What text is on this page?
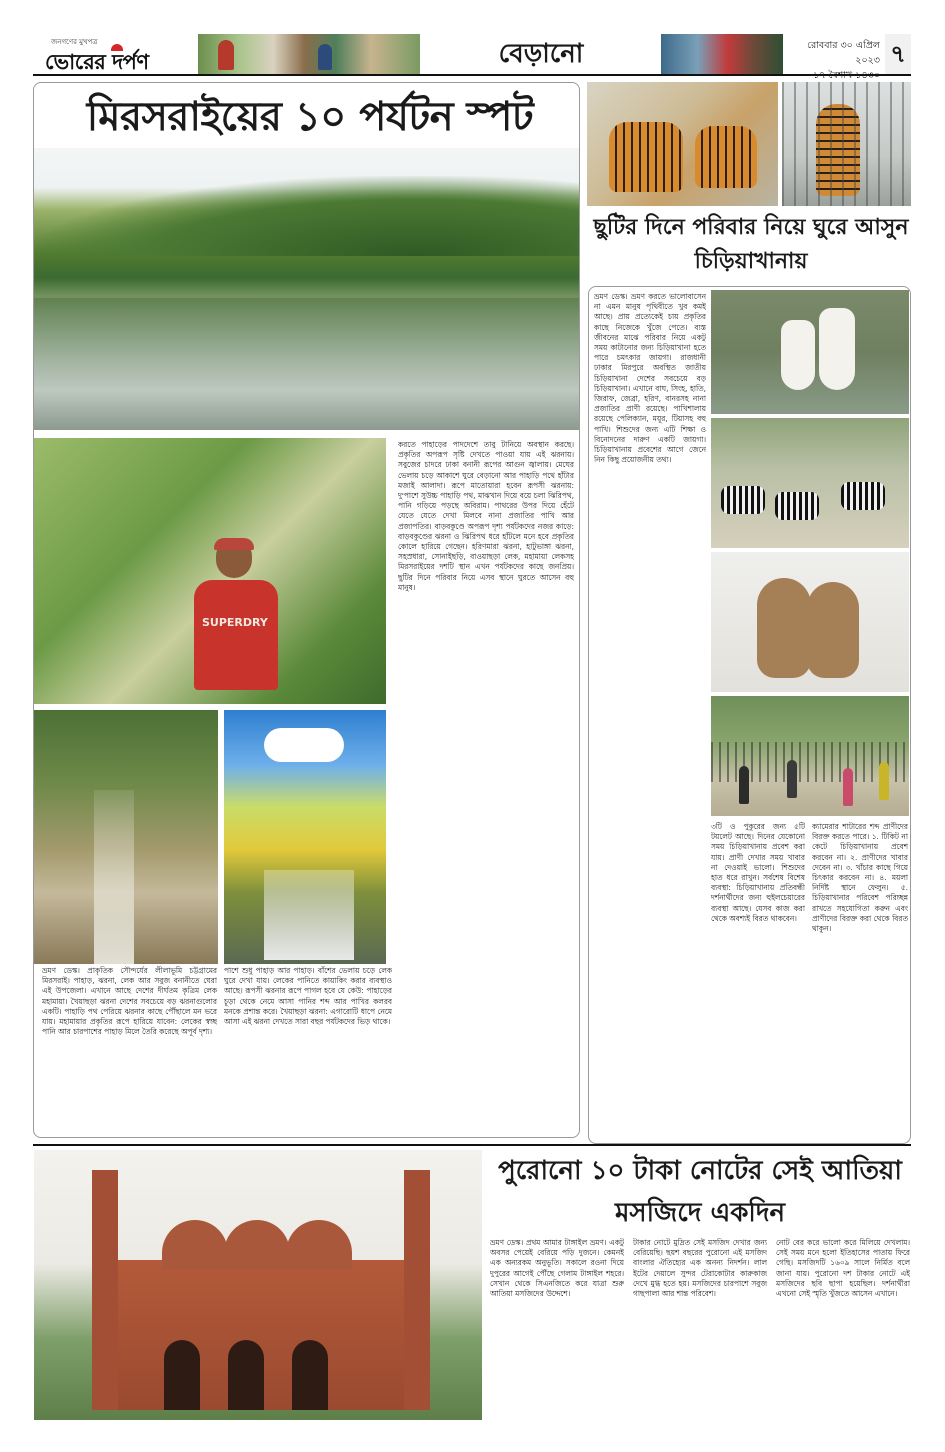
জনগণের মুখপত্র
ভোরের দর্পণ	বেড়ানো	রোববার ৩০ এপ্রিল ২০২৩
১৭ বৈশাখ ১৪৩০
৭
মিরসরাইয়ের ১০ পর্যটন স্পট
SUPERDRY
করতে পাহাড়ের পাদদেশে তাবু টানিয়ে অবস্থান করছে। প্রকৃতির অপরূপ সৃষ্টি দেখতে পাওয়া যায় এই ঝরনায়। সবুজের চাদরে ঢাকা বনানী রূপের আগুন জ্বালায়। মেঘের ভেলায় চড়ে আকাশে ঘুরে বেড়ানো আর পাহাড়ি পথে হাঁটার মজাই আলাদা। রূপে মাতোয়ারা হবেন রূপসী ঝরনায়: দু'পাশে সুউচ্চ পাহাড়ি পথ, মাঝখান দিয়ে বয়ে চলা ঝিরিপথ, পানি গড়িয়ে পড়ছে অবিরাম। পাথরের উপর দিয়ে হেঁটে যেতে যেতে দেখা মিলবে নানা প্রজাতির পাখি আর প্রজাপতির। বাড়বকুণ্ডে অপরূপ দৃশ্য পর্যটকদের নজর কাড়ে: বাড়বকুণ্ডের ঝরনা ও ঝিরিপথ ধরে হাঁটলে মনে হবে প্রকৃতির কোলে হারিয়ে গেছেন। হরিণমারা ঝরনা, হাটুভাঙ্গা ঝরনা, সহস্রধারা, সোনাইছড়ি, বাওয়াছড়া লেক, মহামায়া লেকসহ মিরসরাইয়ের দশটি স্থান এখন পর্যটকদের কাছে জনপ্রিয়। ছুটির দিনে পরিবার নিয়ে এসব স্থানে ঘুরতে আসেন বহু মানুষ।
ভ্রমণ ডেস্ক। প্রাকৃতিক সৌন্দর্যের লীলাভূমি চট্টগ্রামের মিরসরাই। পাহাড়, ঝরনা, লেক আর সবুজ বনানীতে ঘেরা এই উপজেলা। এখানে আছে দেশের দীর্ঘতম কৃত্রিম লেক মহামায়া। খৈয়াছড়া ঝরনা দেশের সবচেয়ে বড় ঝরনাগুলোর একটি। পাহাড়ি পথ পেরিয়ে ঝরনার কাছে পৌঁছালে মন ভরে যায়। মহামায়ার প্রকৃতির রূপে হারিয়ে যাবেন: লেকের স্বচ্ছ পানি আর চারপাশের পাহাড় মিলে তৈরি করেছে অপূর্ব দৃশ্য।
পাশে শুধু পাহাড় আর পাহাড়। বাঁশের ভেলায় চড়ে লেক ঘুরে দেখা যায়। লেকের পানিতে কায়াকিং করার ব্যবস্থাও আছে। রূপসী ঝরনার রূপে পাগল হবে যে কেউ: পাহাড়ের চূড়া থেকে নেমে আসা পানির শব্দ আর পাখির কলরব মনকে প্রশান্ত করে। খৈয়াছড়া ঝরনা: এগারোটি ধাপে নেমে আসা এই ঝরনা দেখতে সারা বছর পর্যটকদের ভিড় থাকে।
ছুটির দিনে পরিবার নিয়ে ঘুরে আসুন চিড়িয়াখানায়
ভ্রমণ ডেস্ক। ভ্রমণ করতে ভালোবাসেন না এমন মানুষ পৃথিবীতে খুব কমই আছে। প্রায় প্রত্যেকেই চায় প্রকৃতির কাছে নিজেকে খুঁজে পেতে। ব্যস্ত জীবনের মাঝে পরিবার নিয়ে একটু সময় কাটানোর জন্য চিড়িয়াখানা হতে পারে চমৎকার জায়গা। রাজধানী ঢাকার মিরপুরে অবস্থিত জাতীয় চিড়িয়াখানা দেশের সবচেয়ে বড় চিড়িয়াখানা। এখানে বাঘ, সিংহ, হাতি, জিরাফ, জেব্রা, হরিণ, বানরসহ নানা প্রজাতির প্রাণী রয়েছে। পাখিশালায় রয়েছে পেলিক্যান, ময়ূর, টিয়াসহ বহু পাখি। শিশুদের জন্য এটি শিক্ষা ও বিনোদনের দারুণ একটি জায়গা। চিড়িয়াখানায় প্রবেশের আগে জেনে নিন কিছু প্রয়োজনীয় তথ্য।
৩টি ও পুকুরের জন্য ৫টি টয়লেট আছে। দিনের যেকোনো সময় চিড়িয়াখানায় প্রবেশ করা যায়। প্রাণী দেখার সময় খাবার না দেওয়াই ভালো। শিশুদের হাত ধরে রাখুন। সর্বশেষ বিশেষ ব্যবস্থা: চিড়িয়াখানায় প্রতিবন্ধী দর্শনার্থীদের জন্য হুইলচেয়ারের ব্যবস্থা আছে। যেসব কাজ করা থেকে অবশ্যই বিরত থাকবেন।
ক্যামেরার শাটারের শব্দ প্রাণীদের বিরক্ত করতে পারে। ১. টিকিট না কেটে চিড়িয়াখানায় প্রবেশ করবেন না। ২. প্রাণীদের খাবার দেবেন না। ৩. খাঁচার কাছে গিয়ে চিৎকার করবেন না। ৪. ময়লা নির্দিষ্ট স্থানে ফেলুন। ৫. চিড়িয়াখানার পরিবেশ পরিচ্ছন্ন রাখতে সহযোগিতা করুন এবং প্রাণীদের বিরক্ত করা থেকে বিরত থাকুন।
পুরোনো ১০ টাকা নোটের সেই আতিয়া মসজিদে একদিন
ভ্রমণ ডেস্ক। প্রথম আমার টাঙ্গাইল ভ্রমণ। একটু অবসর পেয়েই বেরিয়ে পড়ি দুজনে। কেমনই এক অন্যরকম অনুভূতি। সকালে রওনা দিয়ে দুপুরের আগেই পৌঁছে গেলাম টাঙ্গাইল শহরে। সেখান থেকে সিএনজিতে করে যাত্রা শুরু আতিয়া মসজিদের উদ্দেশে।
টাকার নোটে মুদ্রিত সেই মসজিদ দেখার জন্য বেরিয়েছি। ছয়শ বছরের পুরোনো এই মসজিদ বাংলার ঐতিহ্যের এক অনন্য নিদর্শন। লাল ইটের দেয়ালে সুন্দর টেরাকোটার কারুকাজ দেখে মুগ্ধ হতে হয়। মসজিদের চারপাশে সবুজ গাছপালা আর শান্ত পরিবেশ।
নোট বের করে ভালো করে মিলিয়ে দেখলাম। সেই সময় মনে হলো ইতিহাসের পাতায় ফিরে গেছি। মসজিদটি ১৬০৯ সালে নির্মিত বলে জানা যায়। পুরোনো দশ টাকার নোটে এই মসজিদের ছবি ছাপা হয়েছিল। দর্শনার্থীরা এখনো সেই স্মৃতি খুঁজতে আসেন এখানে।
